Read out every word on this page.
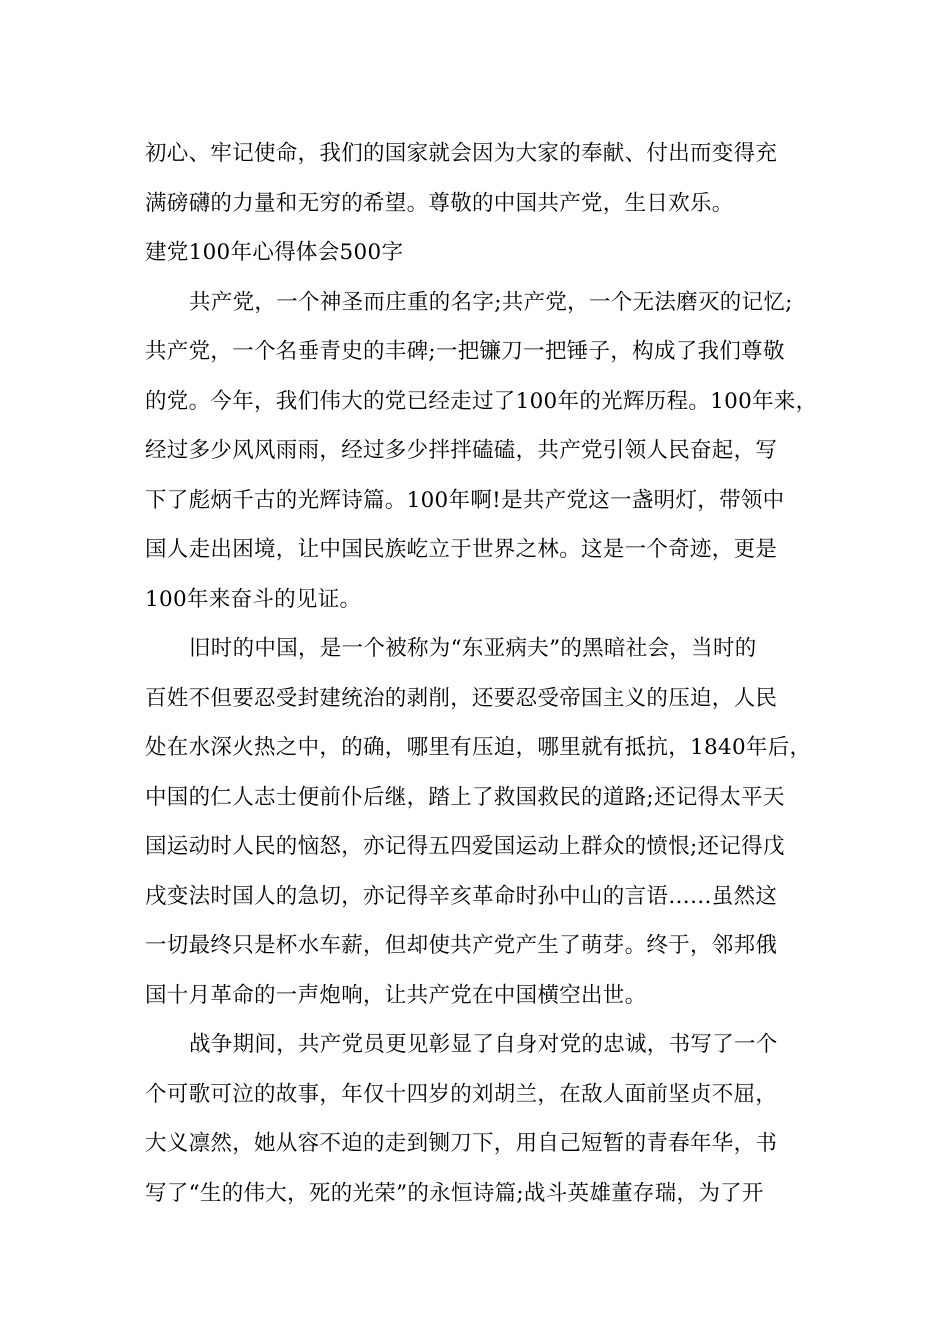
初心、牢记使命，我们的国家就会因为大家的奉献、付出而变得充
满磅礴的力量和无穷的希望。尊敬的中国共产党，生日欢乐。
建党100年心得体会500字
共产党，一个神圣而庄重的名字;共产党，一个无法磨灭的记忆;
共产党，一个名垂青史的丰碑;一把镰刀一把锤子，构成了我们尊敬
的党。今年，我们伟大的党已经走过了100年的光辉历程。100年来，
经过多少风风雨雨，经过多少拌拌磕磕，共产党引领人民奋起，写
下了彪炳千古的光辉诗篇。100年啊!是共产党这一盏明灯，带领中
国人走出困境，让中国民族屹立于世界之林。这是一个奇迹，更是
100年来奋斗的见证。
旧时的中国，是一个被称为“东亚病夫”的黑暗社会，当时的
百姓不但要忍受封建统治的剥削，还要忍受帝国主义的压迫，人民
处在水深火热之中，的确，哪里有压迫，哪里就有抵抗，1840年后，
中国的仁人志士便前仆后继，踏上了救国救民的道路;还记得太平天
国运动时人民的恼怒，亦记得五四爱国运动上群众的愤恨;还记得戊
戌变法时国人的急切，亦记得辛亥革命时孙中山的言语……虽然这
一切最终只是杯水车薪，但却使共产党产生了萌芽。终于，邻邦俄
国十月革命的一声炮响，让共产党在中国横空出世。
战争期间，共产党员更见彰显了自身对党的忠诚，书写了一个
个可歌可泣的故事，年仅十四岁的刘胡兰，在敌人面前坚贞不屈，
大义凛然，她从容不迫的走到铡刀下，用自己短暂的青春年华，书
写了“生的伟大，死的光荣”的永恒诗篇;战斗英雄董存瑞，为了开
